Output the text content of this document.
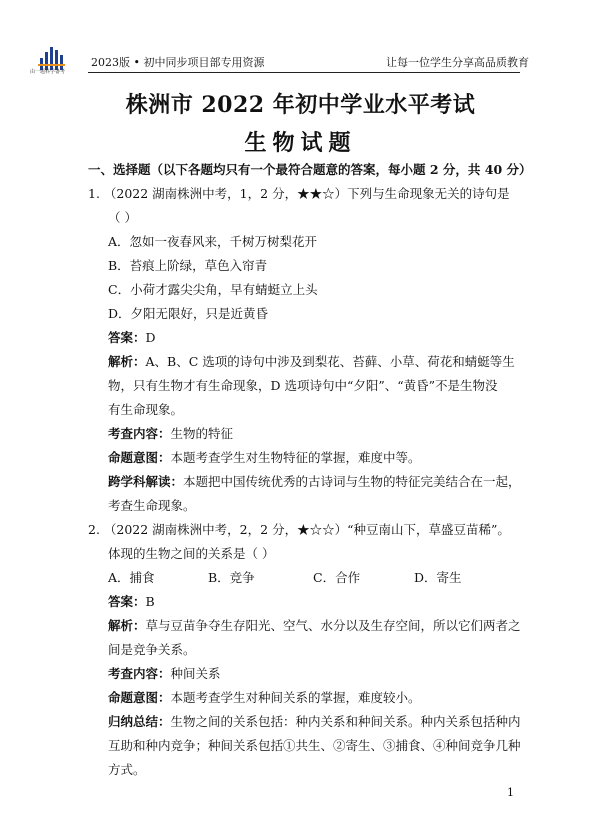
由一题科学备考
2023版 • 初中同步项目部专用资源	让每一位学生分享高品质教育
株洲市 2022 年初中学业水平考试
生物试题
一、选择题（以下各题均只有一个最符合题意的答案，每小题 2 分，共 40 分）
1. （2022 湖南株洲中考，1，2 分，★★☆）下列与生命现象无关的诗句是
（ ）
A．忽如一夜春风来，千树万树梨花开
B．苔痕上阶绿，草色入帘青
C．小荷才露尖尖角，早有蜻蜓立上头
D．夕阳无限好，只是近黄昏
答案：D
解析：A、B、C 选项的诗句中涉及到梨花、苔藓、小草、荷花和蜻蜓等生
物，只有生物才有生命现象，D 选项诗句中“夕阳”、“黄昏”不是生物没
有生命现象。
考查内容：生物的特征
命题意图：本题考查学生对生物特征的掌握，难度中等。
跨学科解读：本题把中国传统优秀的古诗词与生物的特征完美结合在一起，
考查生命现象。
2. （2022 湖南株洲中考，2，2 分，★☆☆）“种豆南山下，草盛豆苗稀”。
体现的生物之间的关系是（ ）
A．捕食	B．竞争	C．合作	D．寄生
答案：B
解析：草与豆苗争夺生存阳光、空气、水分以及生存空间，所以它们两者之
间是竞争关系。
考查内容：种间关系
命题意图：本题考查学生对种间关系的掌握，难度较小。
归纳总结：生物之间的关系包括：种内关系和种间关系。种内关系包括种内
互助和种内竞争；种间关系包括①共生、②寄生、③捕食、④种间竞争几种
方式。
1
